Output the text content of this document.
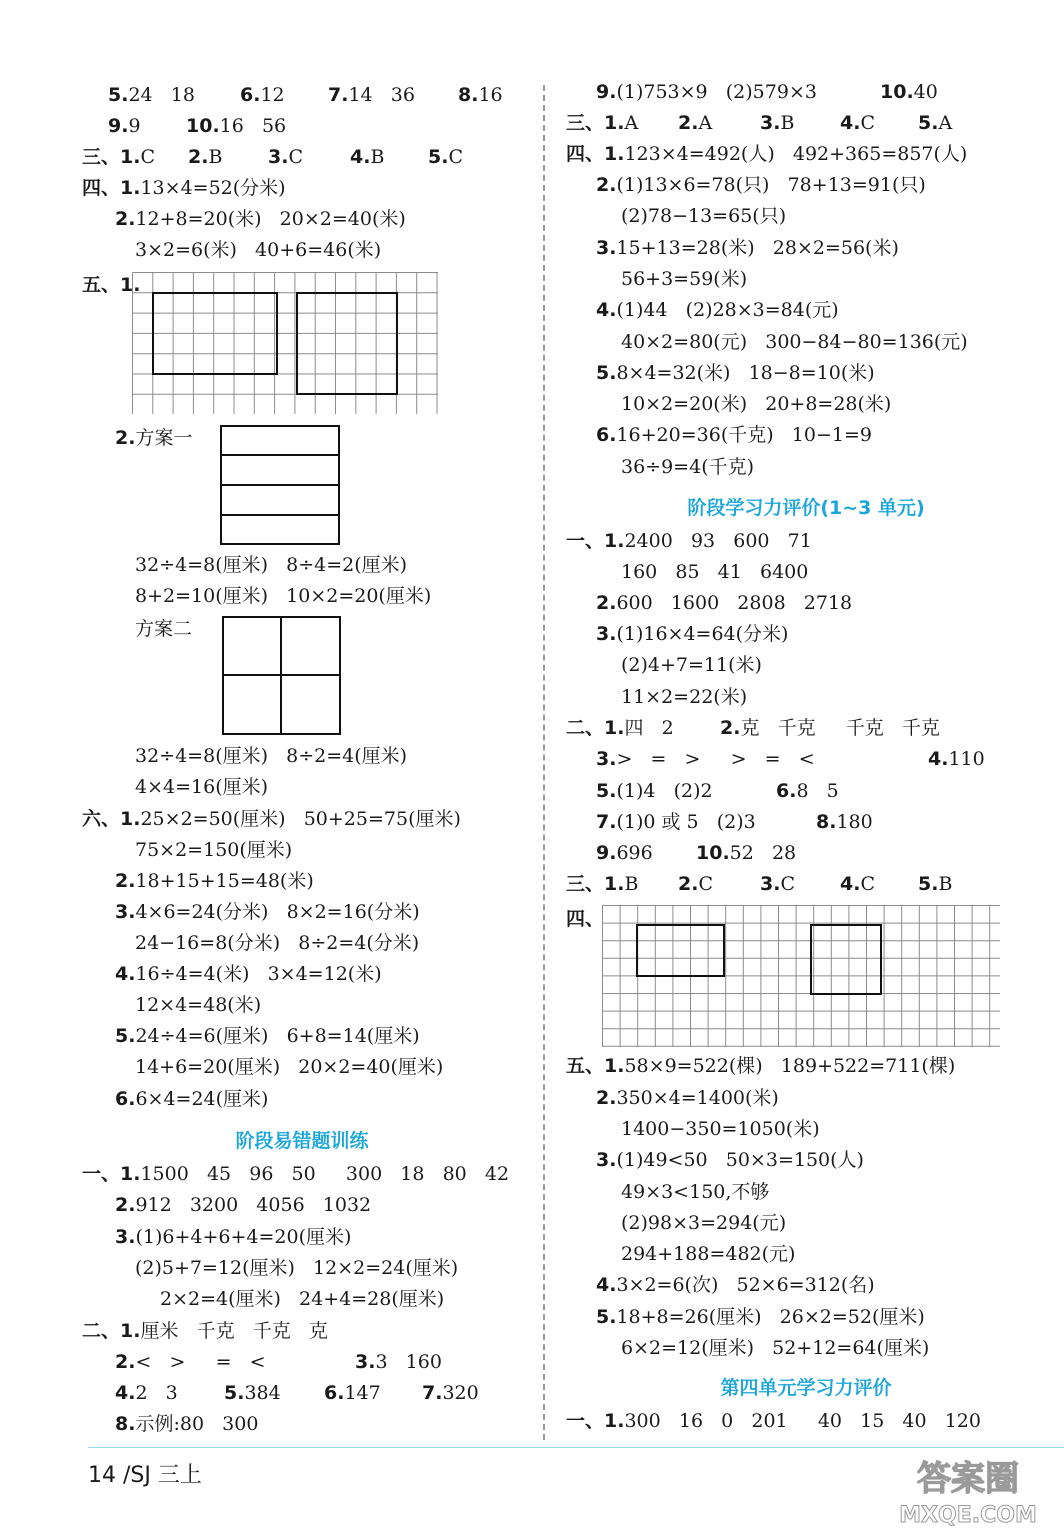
5.24   18
6.12 7.14   36 8.16
9.9 10.16   56
三、1.C 2.B 3.C 4.B 5.C
四、1.13×4=52(分米)
2.12+8=20(米)   20×2=40(米)
3×2=6(米)   40+6=46(米)
五、1.
2.方案一
32÷4=8(厘米)   8÷4=2(厘米)
8+2=10(厘米)   10×2=20(厘米)
方案二
32÷4=8(厘米)   8÷2=4(厘米)
4×4=16(厘米)
六、1.25×2=50(厘米)   50+25=75(厘米)
75×2=150(厘米)
2.18+15+15=48(米)
3.4×6=24(分米)   8×2=16(分米)
24−16=8(分米)   8÷2=4(分米)
4.16÷4=4(米)   3×4=12(米)
12×4=48(米)
5.24÷4=6(厘米)   6+8=14(厘米)
14+6=20(厘米)   20×2=40(厘米)
6.6×4=24(厘米)
阶段易错题训练
一、1.1500   45   96   50     300   18   80   42
2.912   3200   4056   1032
3.(1)6+4+6+4=20(厘米)
(2)5+7=12(厘米)   12×2=24(厘米)
2×2=4(厘米)   24+4=28(厘米)
二、1.厘米   千克   千克   克
2.<   >     =   <	3.3   160
4.2   3 5.384 6.147 7.320
8.示例:80   300
9.(1)753×9   (2)579×3	10.40
三、1.A 2.A	3.B 4.C 5.A
四、1.123×4=492(人)   492+365=857(人)
2.(1)13×6=78(只)   78+13=91(只)
(2)78−13=65(只)
3.15+13=28(米)   28×2=56(米)
56+3=59(米)
4.(1)44   (2)28×3=84(元)
40×2=80(元)   300−84−80=136(元)
5.8×4=32(米)   18−8=10(米)
10×2=20(米)   20+8=28(米)
6.16+20=36(千克)   10−1=9
36÷9=4(千克)
阶段学习力评价(1~3 单元)
一、1.2400   93   600   71
160   85   41   6400
2.600   1600   2808   2718
3.(1)16×4=64(分米)
(2)4+7=11(米)
11×2=22(米)
二、1.四   2 2.克   千克     千克   千克
3.>   =   >     >   =   <	4.110
5.(1)4   (2)2	6.8   5
7.(1)0 或 5   (2)3	8.180
9.696 10.52   28
三、1.B 2.C 3.C 4.C 5.B
四、
五、1.58×9=522(棵)   189+522=711(棵)
2.350×4=1400(米)
1400−350=1050(米)
3.(1)49<50   50×3=150(人)
49×3<150,不够
(2)98×3=294(元)
294+188=482(元)
4.3×2=6(次)   52×6=312(名)
5.18+8=26(厘米)   26×2=52(厘米)
6×2=12(厘米)   52+12=64(厘米)
第四单元学习力评价
一、1.300   16   0   201     40   15   40   120
14 /SJ 三上	答案圈
MXQE.COM
